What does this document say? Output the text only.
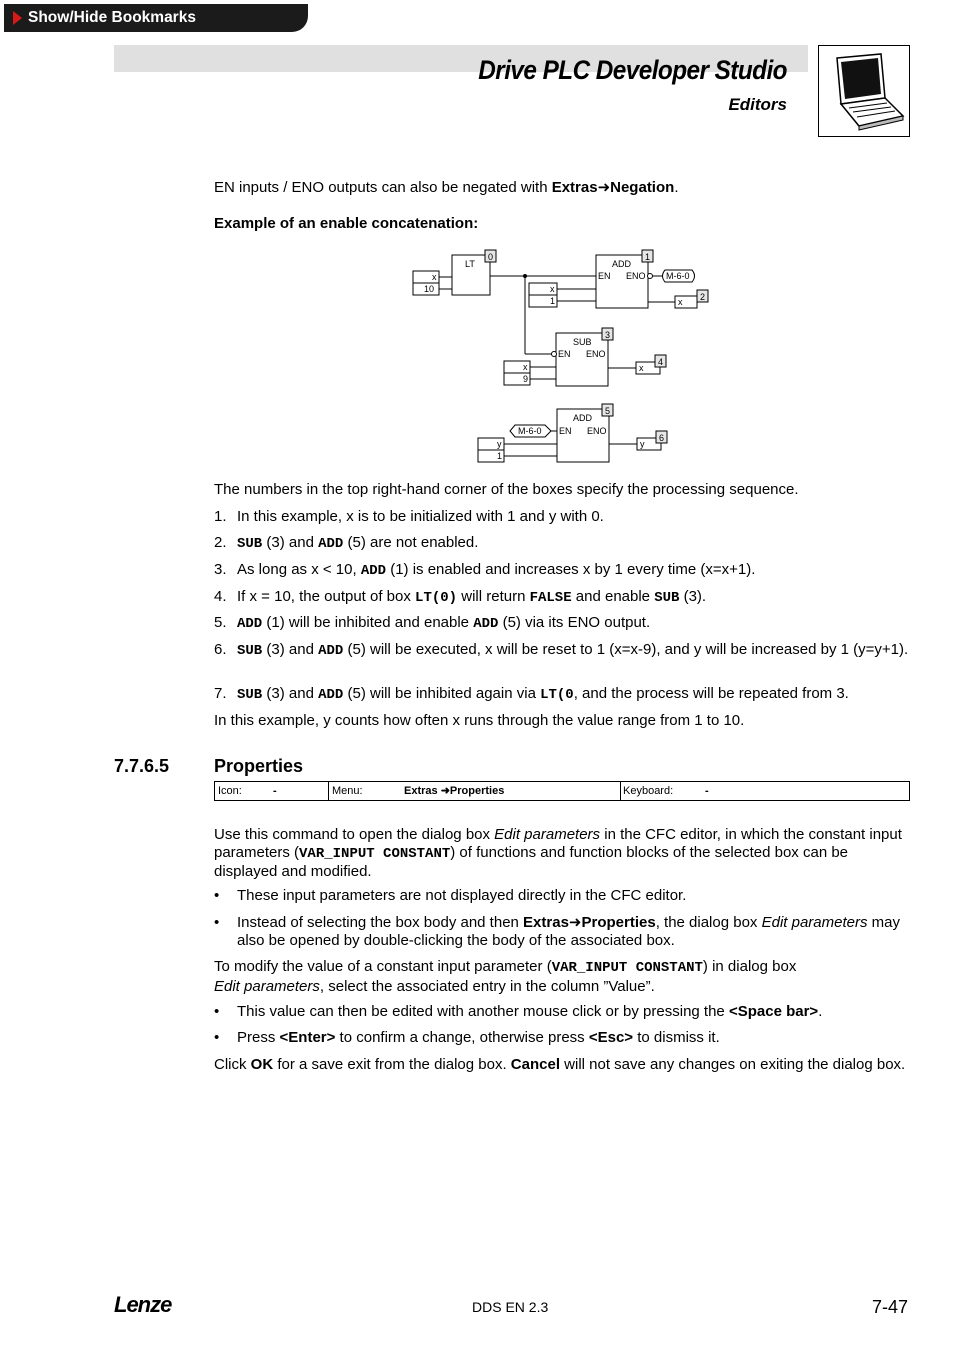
Show/Hide Bookmarks
Drive PLC Developer Studio
Editors
EN inputs / ENO outputs can also be negated with Extras➜Negation.
Example of an enable concatenation:
LT
0
x
10
ADD
1
EN ENO
x
1
M-6-0
x 2
SUB
3
EN ENO
x
9
x
4
ADD
5
EN ENO
M-6-0
y
1
y
6
The numbers in the top right-hand corner of the boxes specify the processing sequence.
1. In this example, x is to be initialized with 1 and y with 0.
2. SUB (3) and ADD (5) are not enabled.
3. As long as x < 10, ADD (1) is enabled and increases x by 1 every time (x=x+1).
4. If x = 10, the output of box LT(0) will return FALSE and enable SUB (3).
5. ADD (1) will be inhibited and enable ADD (5) via its ENO output.
6. SUB (3) and ADD (5) will be executed, x will be reset to 1 (x=x-9), and y will be increased by 1 (y=y+1).
7. SUB (3) and ADD (5) will be inhibited again via LT(0, and the process will be repeated from 3.
In this example, y counts how often x runs through the value range from 1 to 10.
7.7.6.5 Properties
Icon:	-	Menu:	Extras ➜Properties	Keyboard:	-
Use this command to open the dialog box Edit parameters in the CFC editor, in which the constant input parameters (VAR_INPUT CONSTANT) of functions and function blocks of the selected box can be displayed and modified.
• These input parameters are not displayed directly in the CFC editor.
• Instead of selecting the box body and then Extras➜Properties, the dialog box Edit parameters may also be opened by double-clicking the body of the associated box.
To modify the value of a constant input parameter (VAR_INPUT CONSTANT) in dialog box
Edit parameters, select the associated entry in the column ”Value”.
• This value can then be edited with another mouse click or by pressing the <Space bar>.
• Press <Enter> to confirm a change, otherwise press <Esc> to dismiss it.
Click OK for a save exit from the dialog box. Cancel will not save any changes on exiting the dialog box.
Lenze	DDS EN 2.3	7-47
